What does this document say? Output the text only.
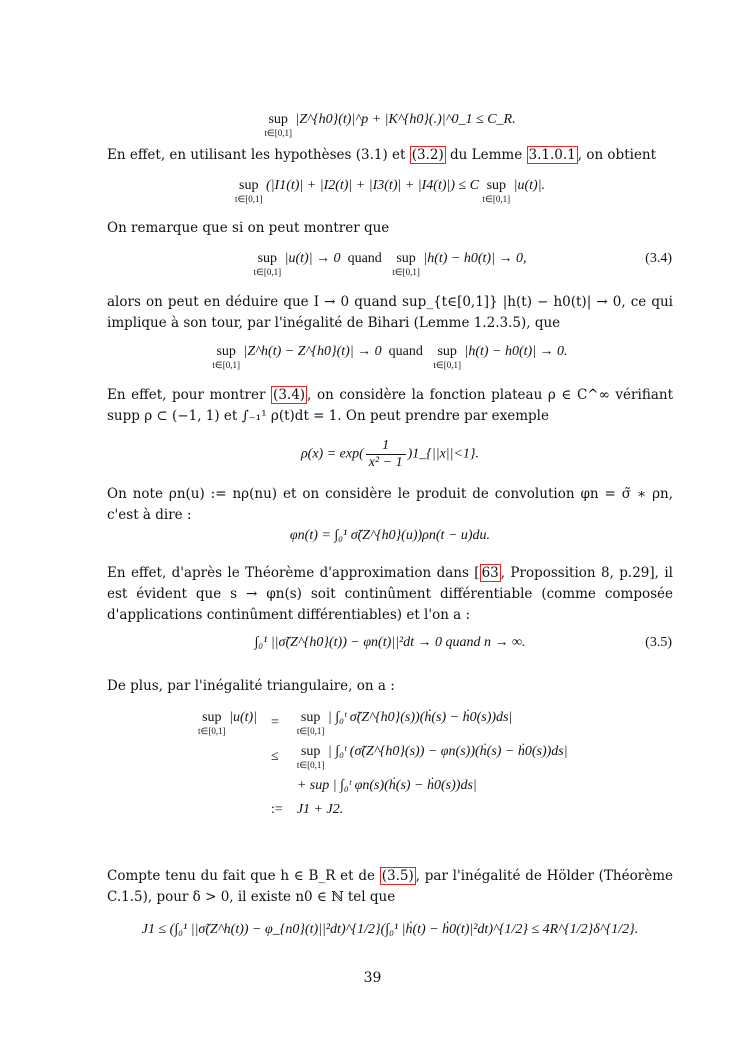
sup
t∈[0,1]
|Z^{h0}(t)|^p + |K^{h0}(.)|^0_1 ≤ C_R.
En effet, en utilisant les hypothèses (3.1) et (3.2) du Lemme 3.1.0.1 , on obtient
sup
t∈[0,1]
(|I1(t)| + |I2(t)| + |I3(t)| + |I4(t)|) ≤ C sup
t∈[0,1]
|u(t)|.
On remarque que si on peut montrer que
sup
t∈[0,1]
|u(t)| → 0 quand sup
t∈[0,1]
|h(t) − h0(t)| → 0,	(3.4)
alors on peut en déduire que I → 0 quand sup_{t∈[0,1]} |h(t) − h0(t)| → 0, ce qui implique à son tour, par l'inégalité de Bihari (Lemme 1.2.3.5), que
sup
t∈[0,1]
|Z^h(t) − Z^{h0}(t)| → 0 quand sup
t∈[0,1]
|h(t) − h0(t)| → 0.
En effet, pour montrer (3.4) , on considère la fonction plateau ρ ∈ C^∞ vérifiant supp ρ ⊂ (−1, 1) et ∫₋₁¹ ρ(t)dt = 1. On peut prendre par exemple
$\rho(x) = \exp( \frac{1}{\text{x² − 1}}$ )1_{||x||<1}.
On note ρn(u) := nρ(nu) et on considère le produit de convolution φn = σ̃ ∗ ρn, c'est à dire :
φn(t) = ∫₀¹ σ̃(Z^{h0}(u))ρn(t − u)du.
En effet, d'après le Théorème d'approximation dans [ 63 , Propossition 8, p.29], il est évident que s → φn(s) soit continûment différentiable (comme composée d'applications continûment différentiables) et l'on a :
∫₀¹ ||σ̃(Z^{h0}(t)) − φn(t)||²dt → 0 quand n → ∞.	(3.5)
De plus, par l'inégalité triangulaire, on a :
sup
t∈[0,1]
|u(t)|	=	sup
t∈[0,1]
| ∫₀ᵗ σ̃(Z^{h0}(s))(ḣ(s) − ḣ0(s))ds|
	≤	sup
t∈[0,1]
| ∫₀ᵗ (σ̃(Z^{h0}(s)) − φn(s))(ḣ(s) − ḣ0(s))ds|
		+ sup | ∫₀ᵗ φn(s)(ḣ(s) − ḣ0(s))ds|
	:=	J1 + J2.
Compte tenu du fait que h ∈ B_R et de (3.5) , par l'inégalité de Hölder (Théorème C.1.5), pour δ > 0, il existe n0 ∈ ℕ tel que
J1 ≤ (∫₀¹ ||σ̃(Z^h(t)) − φ_{n0}(t)||²dt)^{1/2}(∫₀¹ |ḣ(t) − ḣ0(t)|²dt)^{1/2} ≤ 4R^{1/2}δ^{1/2}.
39
